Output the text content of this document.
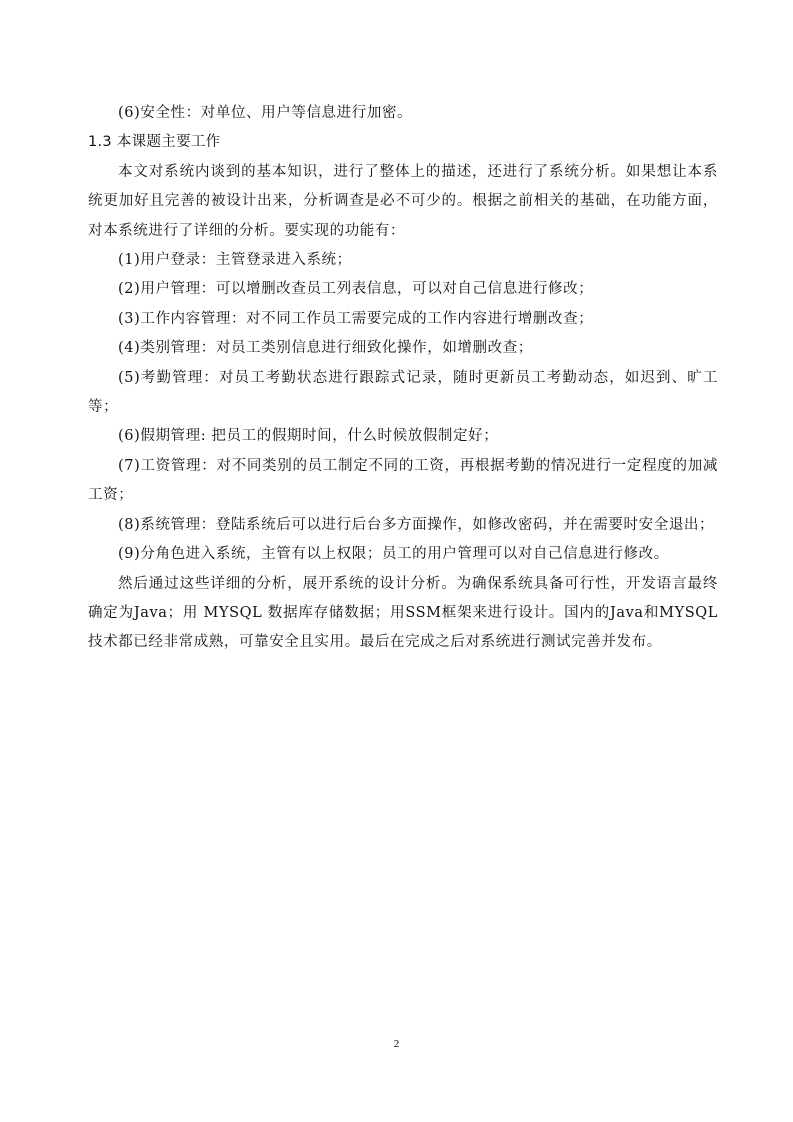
(6)安全性：对单位、用户等信息进行加密。

1.3 本课题主要工作

本文对系统内谈到的基本知识，进行了整体上的描述，还进行了系统分析。如果想让本系统更加好且完善的被设计出来，分析调查是必不可少的。根据之前相关的基础，在功能方面，对本系统进行了详细的分析。要实现的功能有：

(1)用户登录：主管登录进入系统；

(2)用户管理：可以增删改查员工列表信息，可以对自己信息进行修改；

(3)工作内容管理：对不同工作员工需要完成的工作内容进行增删改查；

(4)类别管理：对员工类别信息进行细致化操作，如增删改查；

(5)考勤管理：对员工考勤状态进行跟踪式记录，随时更新员工考勤动态，如迟到、旷工等；

(6)假期管理: 把员工的假期时间，什么时候放假制定好；

(7)工资管理：对不同类别的员工制定不同的工资，再根据考勤的情况进行一定程度的加减工资；

(8)系统管理：登陆系统后可以进行后台多方面操作，如修改密码，并在需要时安全退出；

(9)分角色进入系统，主管有以上权限；员工的用户管理可以对自己信息进行修改。

然后通过这些详细的分析，展开系统的设计分析。为确保系统具备可行性，开发语言最终确定为Java；用 MYSQL 数据库存储数据；用SSM框架来进行设计。国内的Java和MYSQL 技术都已经非常成熟，可靠安全且实用。最后在完成之后对系统进行测试完善并发布。

2
